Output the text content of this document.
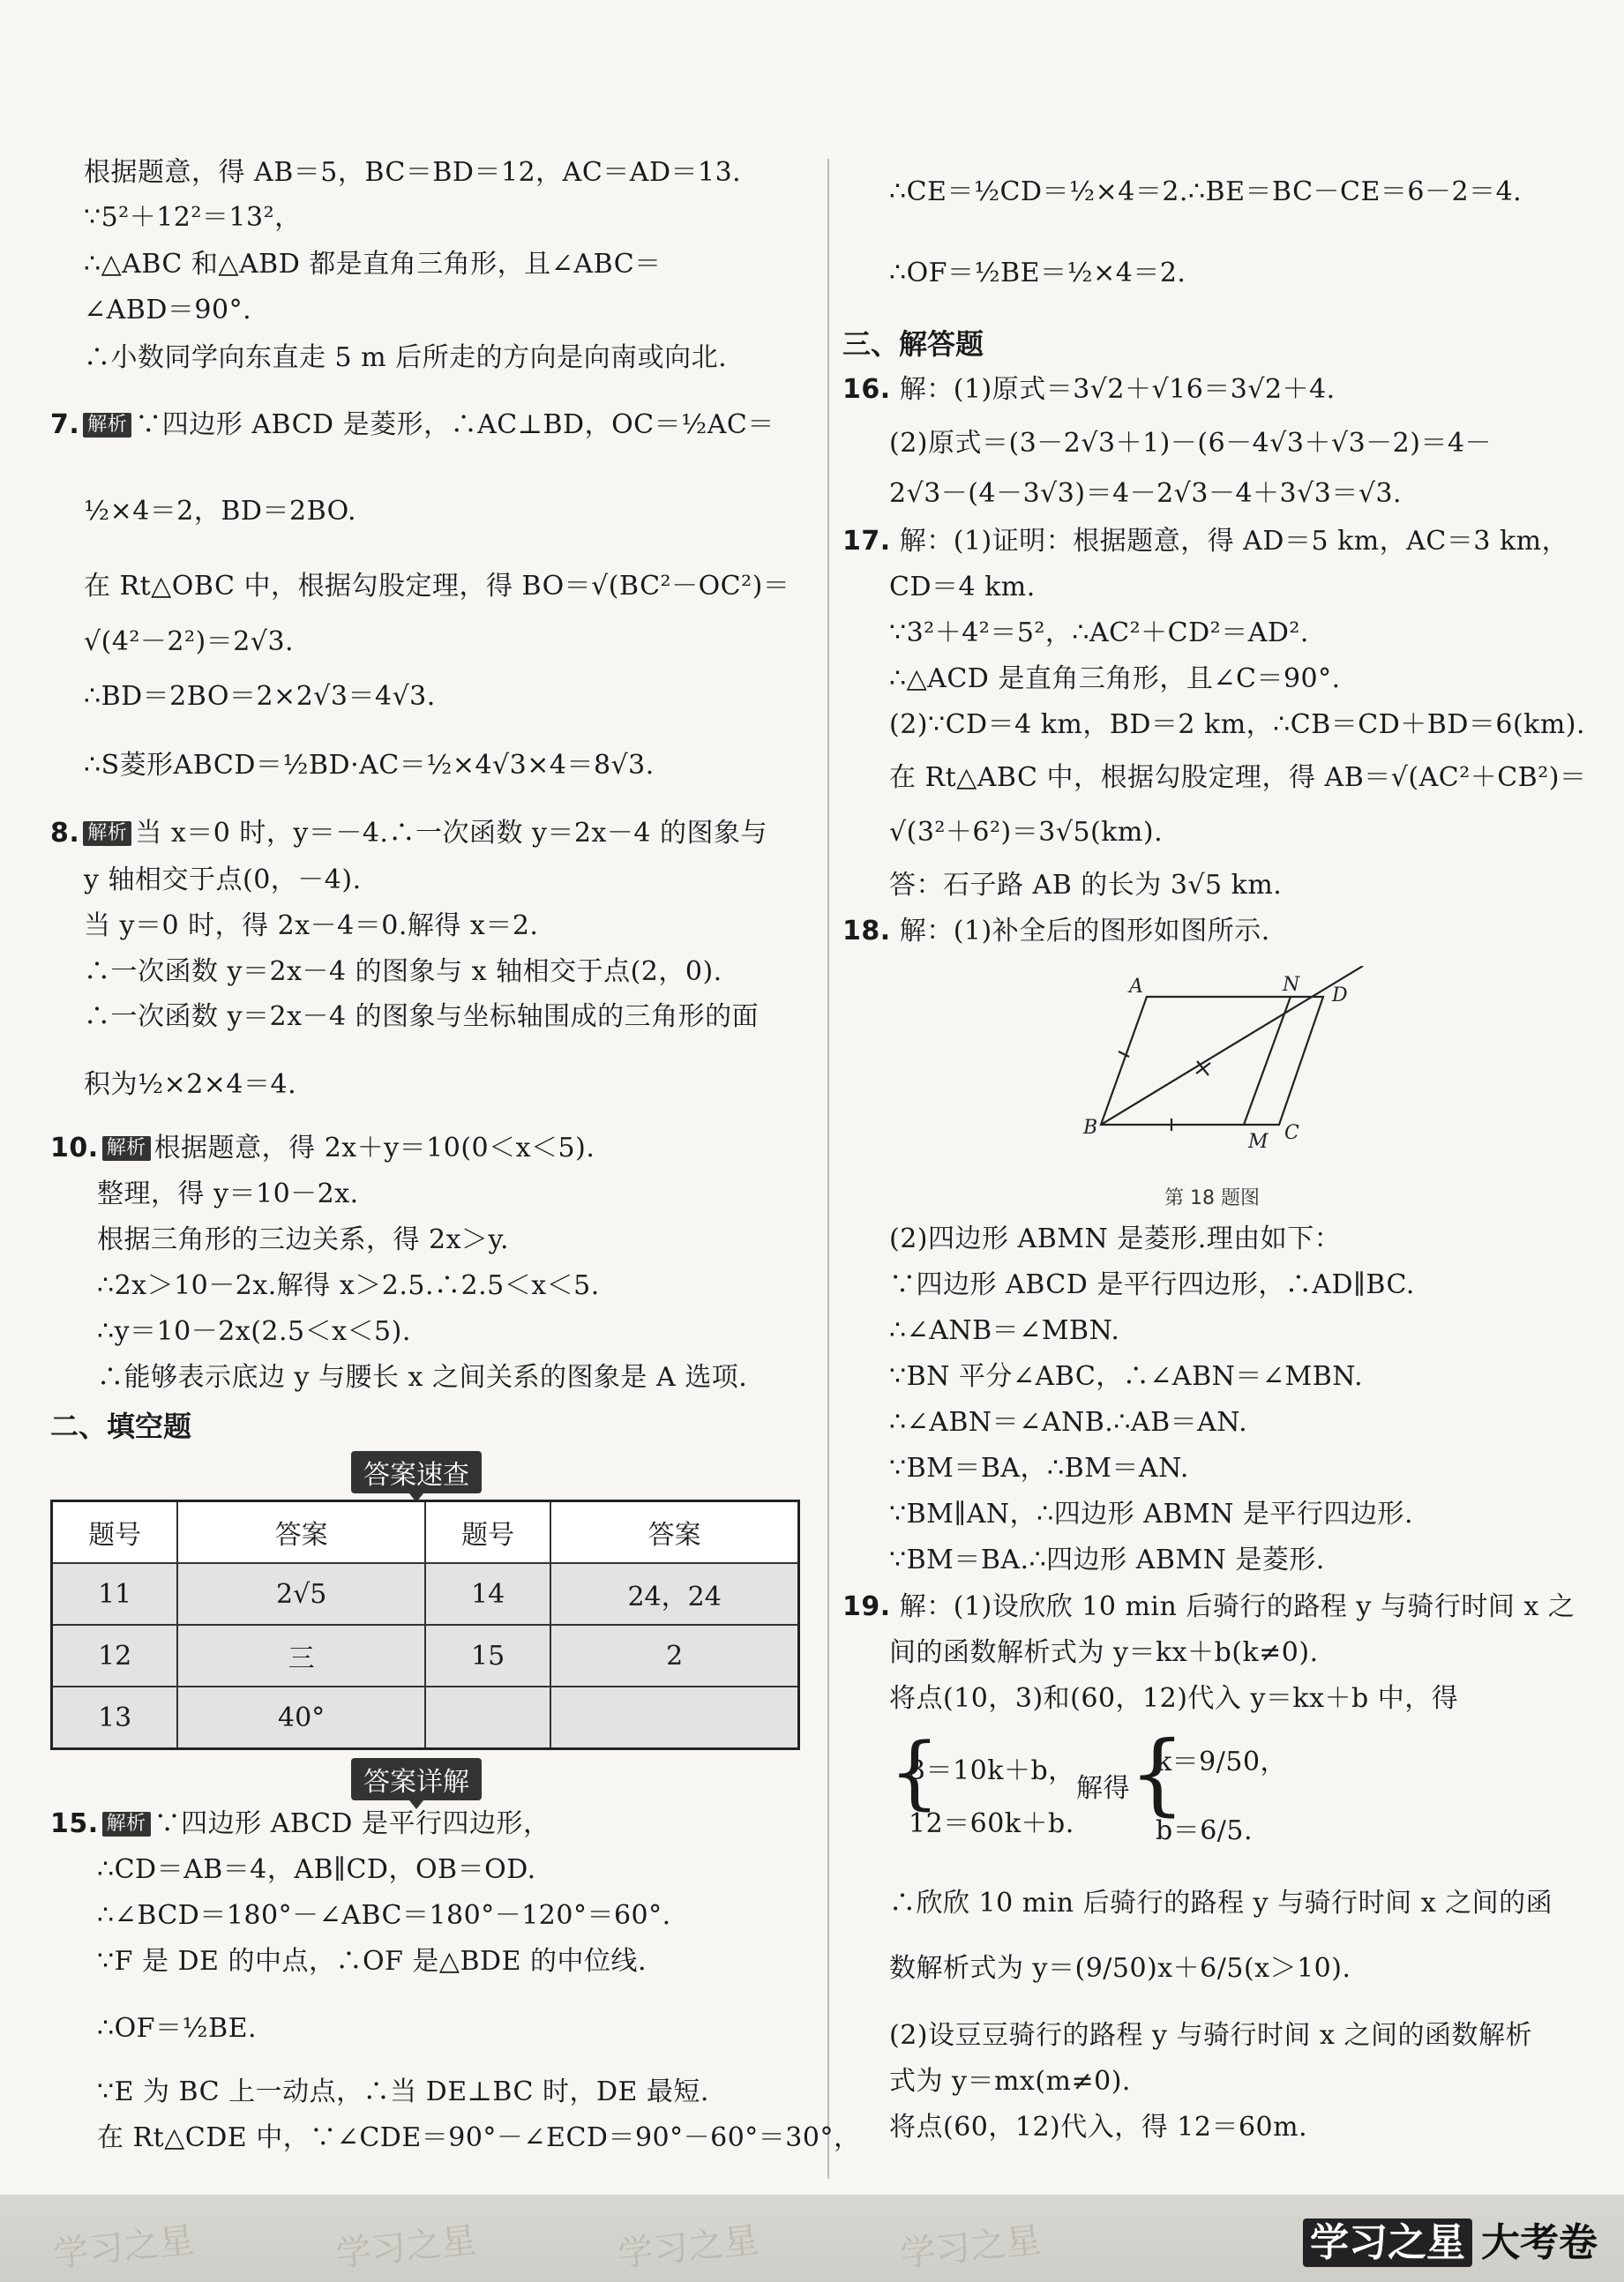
根据题意，得 AB＝5，BC＝BD＝12，AC＝AD＝13.
∵5²＋12²＝13²，
∴△ABC 和△ABD 都是直角三角形，且∠ABC＝
∠ABD＝90°.
∴小数同学向东直走 5 m 后所走的方向是向南或向北.
7. 解析 ∵四边形 ABCD 是菱形，∴AC⊥BD，OC＝½AC＝
½×4＝2，BD＝2BO.
在 Rt△OBC 中，根据勾股定理，得 BO＝√(BC²－OC²)＝
√(4²－2²)＝2√3.
∴BD＝2BO＝2×2√3＝4√3.
∴S菱形ABCD＝½BD·AC＝½×4√3×4＝8√3.
8. 解析 当 x＝0 时，y＝－4.∴一次函数 y＝2x－4 的图象与
y 轴相交于点(0，－4).
当 y＝0 时，得 2x－4＝0.解得 x＝2.
∴一次函数 y＝2x－4 的图象与 x 轴相交于点(2，0).
∴一次函数 y＝2x－4 的图象与坐标轴围成的三角形的面
积为½×2×4＝4.
10. 解析 根据题意，得 2x＋y＝10(0＜x＜5).
整理，得 y＝10－2x.
根据三角形的三边关系，得 2x＞y.
∴2x＞10－2x.解得 x＞2.5.∴2.5＜x＜5.
∴y＝10－2x(2.5＜x＜5).
∴能够表示底边 y 与腰长 x 之间关系的图象是 A 选项.
二、填空题
答案速查
题号	答案	题号	答案
11	2√5	14	24，24
12	三	15	2
13	40°		
答案详解
15. 解析 ∵四边形 ABCD 是平行四边形，
∴CD＝AB＝4，AB∥CD，OB＝OD.
∴∠BCD＝180°－∠ABC＝180°－120°＝60°.
∵F 是 DE 的中点，∴OF 是△BDE 的中位线.
∴OF＝½BE.
∵E 为 BC 上一动点，∴当 DE⊥BC 时，DE 最短.
在 Rt△CDE 中，∵∠CDE＝90°－∠ECD＝90°－60°＝30°，
∴CE＝½CD＝½×4＝2.∴BE＝BC－CE＝6－2＝4.
∴OF＝½BE＝½×4＝2.
三、解答题
16. 解：(1)原式＝3√2＋√16＝3√2＋4.
(2)原式＝(3－2√3＋1)－(6－4√3＋√3－2)＝4－
2√3－(4－3√3)＝4－2√3－4＋3√3＝√3.
17. 解：(1)证明：根据题意，得 AD＝5 km，AC＝3 km，
CD＝4 km.
∵3²＋4²＝5²，∴AC²＋CD²＝AD².
∴△ACD 是直角三角形，且∠C＝90°.
(2)∵CD＝4 km，BD＝2 km，∴CB＝CD＋BD＝6(km).
在 Rt△ABC 中，根据勾股定理，得 AB＝√(AC²＋CB²)＝
√(3²＋6²)＝3√5(km).
答：石子路 AB 的长为 3√5 km.
18. 解：(1)补全后的图形如图所示.
(2)四边形 ABMN 是菱形.理由如下：
∵四边形 ABCD 是平行四边形，∴AD∥BC.
∴∠ANB＝∠MBN.
∵BN 平分∠ABC，∴∠ABN＝∠MBN.
∴∠ABN＝∠ANB.∴AB＝AN.
∵BM＝BA，∴BM＝AN.
∵BM∥AN，∴四边形 ABMN 是平行四边形.
∵BM＝BA.∴四边形 ABMN 是菱形.
19. 解：(1)设欣欣 10 min 后骑行的路程 y 与骑行时间 x 之
间的函数解析式为 y＝kx＋b(k≠0).
将点(10，3)和(60，12)代入 y＝kx＋b 中，得
{
3＝10k＋b，
12＝60k＋b.
解得 {
k＝9/50，
b＝6/5.
∴欣欣 10 min 后骑行的路程 y 与骑行时间 x 之间的函
数解析式为 y＝(9/50)x＋6/5(x＞10).
(2)设豆豆骑行的路程 y 与骑行时间 x 之间的函数解析
式为 y＝mx(m≠0).
将点(60，12)代入，得 12＝60m.
A	N D
B
M C
第 18 题图
学习之星	学习之星	学习之星	学习之星	学习之星 大考卷
